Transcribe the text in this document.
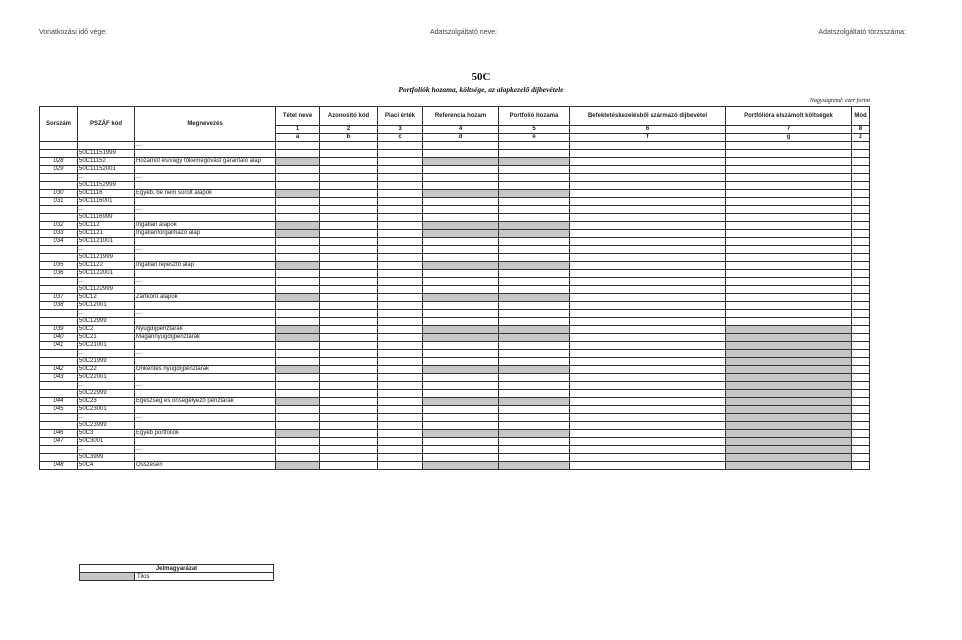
Vonatkozási idő vége:	Adatszolgáltató neve:	Adatszolgáltató törzsszáma:
50C
Portfoliók hozama, költsége, az alapkezelő díjbevétele
Nagyságrend: ezer forint
Sorszám	PSZÁF kód	Megnevezés	Tétel neve	Azonosító kód	Piaci érték	Referencia hozam	Portfolió hozama	Befektetéskezelésből származó díjbevétel	Portfólióra elszámolt költségek	Mód
			1	2	3	4	5	6	7	8
			a	b	c	d	e	f	g	z
		...								
	50C11151999									
028	50C11152	Hozamot és/vagy tőkemegóvást garantáló alap								
029	50C11152001									
	...	...								
	50C11152999									
030	50C1116	Egyéb, be nem sorolt alapok								
031	50C1116001									
	...	...								
	50C1116999									
032	50C112	Ingatlan alapok								
033	50C1121	Ingatlanforgalmazó alap								
034	50C1121001									
	...	...								
	50C1121999									
035	50C1122	Ingatlan fejlesztő alap								
036	50C1122001									
	...	...								
	50C1122999									
037	50C12	Zártkörű alapok								
038	50C12001									
	...	...								
	50C12999									
039	50C2	Nyugdíjpénztárak								
040	50C21	Magánnyugdíjpénztárak								
041	50C21001									
	...	...								
	50C21999									
042	50C22	Önkéntes nyugdíjpénztárak								
043	50C22001									
	...	...								
	50C22999									
044	50C23	Egészség és önsegélyező pénztárak								
045	50C23001									
	...	...								
	50C23999									
046	50C3	Egyéb portfoliók								
047	50C3001									
	...	...								
	50C3999									
048	50C4	Összesen								
Jelmagyarázat
	Tilos
